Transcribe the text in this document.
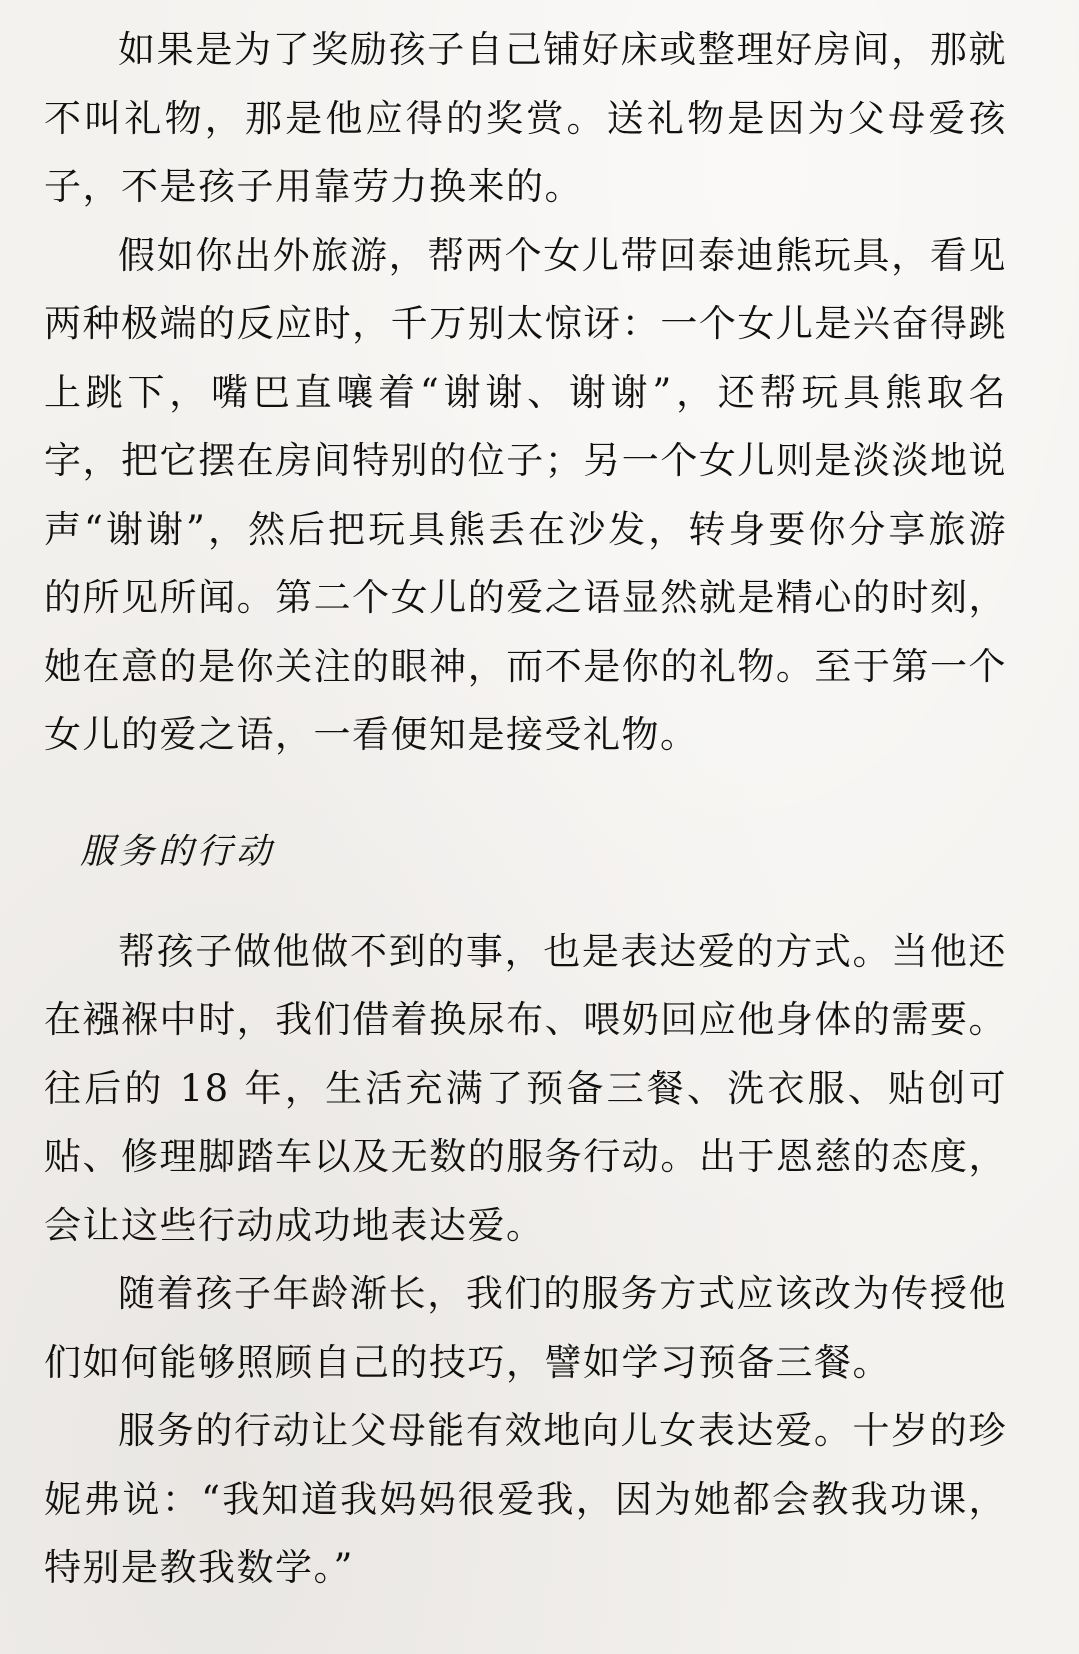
如果是为了奖励孩子自己铺好床或整理好房间，那就不叫礼物，那是他应得的奖赏。送礼物是因为父母爱孩子，不是孩子用靠劳力换来的。

假如你出外旅游，帮两个女儿带回泰迪熊玩具，看见两种极端的反应时，千万别太惊讶：一个女儿是兴奋得跳上跳下，嘴巴直嚷着“谢谢、谢谢”，还帮玩具熊取名字，把它摆在房间特别的位子；另一个女儿则是淡淡地说声“谢谢”，然后把玩具熊丢在沙发，转身要你分享旅游的所见所闻。第二个女儿的爱之语显然就是精心的时刻，她在意的是你关注的眼神，而不是你的礼物。至于第一个女儿的爱之语，一看便知是接受礼物。

服务的行动

帮孩子做他做不到的事，也是表达爱的方式。当他还在襁褓中时，我们借着换尿布、喂奶回应他身体的需要。往后的 18 年，生活充满了预备三餐、洗衣服、贴创可贴、修理脚踏车以及无数的服务行动。出于恩慈的态度，会让这些行动成功地表达爱。

随着孩子年龄渐长，我们的服务方式应该改为传授他们如何能够照顾自己的技巧，譬如学习预备三餐。

服务的行动让父母能有效地向儿女表达爱。十岁的珍妮弗说：“我知道我妈妈很爱我，因为她都会教我功课，特别是教我数学。”
